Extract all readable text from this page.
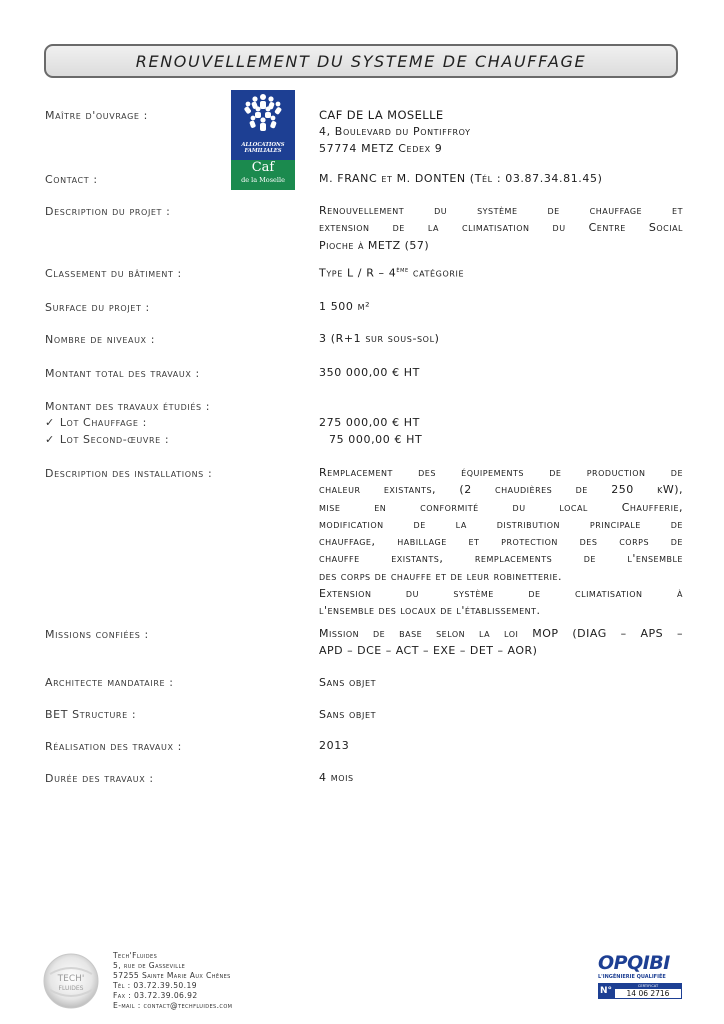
RENOUVELLEMENT DU SYSTEME DE CHAUFFAGE
ALLOCATIONS
FAMILIALES
Caf
de la Moselle
Maître d'ouvrage :	CAF DE LA MOSELLE
4, Boulevard du Pontiffroy
57774 METZ Cedex 9
Contact :	M. FRANC et M. DONTEN (Tél : 03.87.34.81.45)
Description du projet :	Renouvellement du système de chauffage et
extension de la climatisation du Centre Social
Pioche à METZ (57)
Classement du bâtiment :	Type L / R – 4ème catégorie
Surface du projet :	1 500 m²
Nombre de niveaux :	3 (R+1 sur sous-sol)
Montant total des travaux :	350 000,00 € HT
Montant des travaux étudiés :
✓ Lot Chauffage :	275 000,00 € HT
✓ Lot Second-œuvre :	75 000,00 € HT
Description des installations :	Remplacement des équipements de production de
chaleur existants, (2 chaudières de 250 kW),
mise en conformité du local Chaufferie,
modification de la distribution principale de
chauffage, habillage et protection des corps de
chauffe existants, remplacements de l'ensemble
des corps de chauffe et de leur robinetterie.
Extension du système de climatisation à
l'ensemble des locaux de l'établissement.
Missions confiées :	Mission de base selon la loi MOP (DIAG – APS –
APD – DCE – ACT – EXE – DET – AOR)
Architecte mandataire :	Sans objet
BET Structure :	Sans objet
Réalisation des travaux :	2013
Durée des travaux :	4 mois
TECH'
FLUIDES
Tech'Fluides
5, rue de Gasseville
57255 Sainte Marie Aux Chênes
Tél : 03.72.39.50.19
Fax : 03.72.39.06.92
E-mail : contact@techfluides.com
OPQIBI
L'INGÉNIERIE QUALIFIÉE
N°	CERTIFICAT
14 06 2716
